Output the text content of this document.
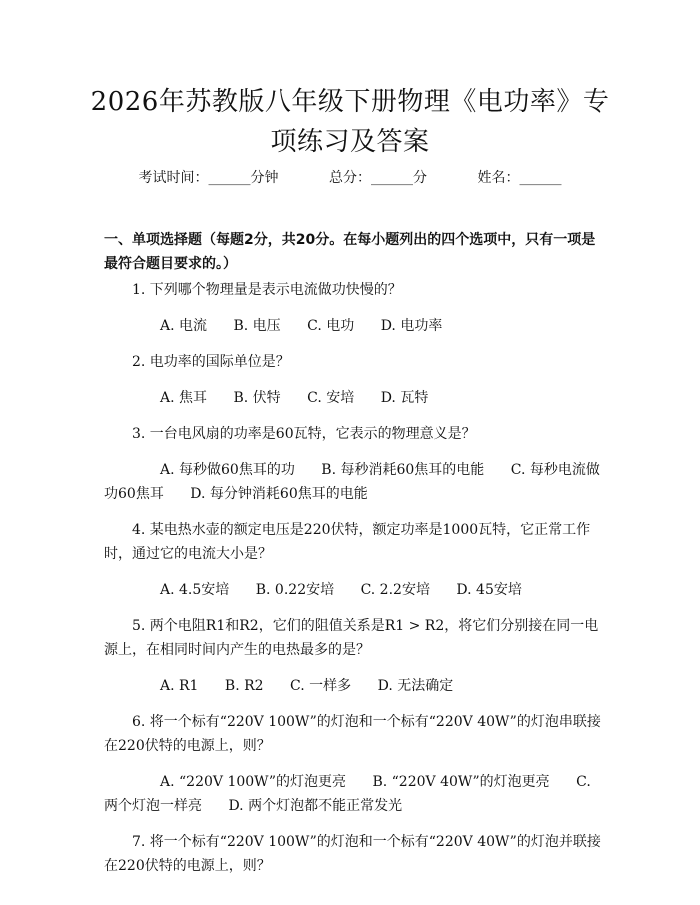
2026年苏教版八年级下册物理《电功率》专
项练习及答案
考试时间：______分钟	总分：______分	姓名：______
一、单项选择题（每题2分，共20分。在每小题列出的四个选项中，只有一项是最符合题目要求的。）
1. 下列哪个物理量是表示电流做功快慢的？
A. 电流 B. 电压 C. 电功 D. 电功率
2. 电功率的国际单位是？
A. 焦耳 B. 伏特 C. 安培 D. 瓦特
3. 一台电风扇的功率是60瓦特，它表示的物理意义是？
A. 每秒做60焦耳的功 B. 每秒消耗60焦耳的电能 C. 每秒电流做功60焦耳 D. 每分钟消耗60焦耳的电能
4. 某电热水壶的额定电压是220伏特，额定功率是1000瓦特，它正常工作时，通过它的电流大小是？
A. 4.5安培 B. 0.22安培 C. 2.2安培 D. 45安培
5. 两个电阻R1和R2，它们的阻值关系是R1 > R2，将它们分别接在同一电源上，在相同时间内产生的电热最多的是？
A. R1 B. R2 C. 一样多 D. 无法确定
6. 将一个标有“220V 100W”的灯泡和一个标有“220V 40W”的灯泡串联接在220伏特的电源上，则？
A. “220V 100W”的灯泡更亮 B. “220V 40W”的灯泡更亮 C. 两个灯泡一样亮 D. 两个灯泡都不能正常发光
7. 将一个标有“220V 100W”的灯泡和一个标有“220V 40W”的灯泡并联接在220伏特的电源上，则？
